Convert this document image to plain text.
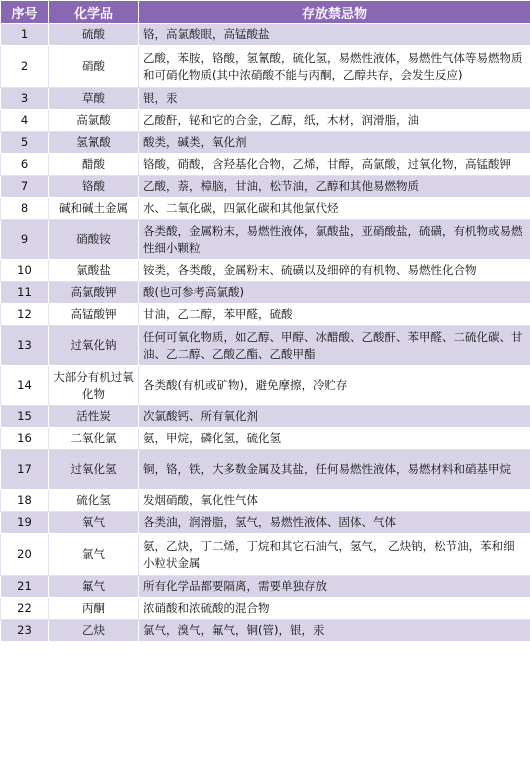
序号	化学品	存放禁忌物
1	硫酸	铬，高氯酸眼，高锰酸盐
2	硝酸	乙酸，苯胺，铬酸，氢氰酸，硫化氢，易燃性液体，易燃性气体等易燃物质和可硝化物质(其中浓硝酸不能与丙酮，乙醇共存，会发生反应)
3	草酸	银，汞
4	高氯酸	乙酸酐，铋和它的合金，乙醇，纸，木材，润滑脂，油
5	氢氰酸	酸类，碱类，氧化剂
6	醋酸	铬酸，硝酸，含羟基化合物，乙烯，甘醇，高氯酸，过氧化物，高锰酸钾
7	铬酸	乙酸，萘，樟脑，甘油，松节油，乙醇和其他易燃物质
8	碱和碱土金属	水、二氧化碳，四氯化碳和其他氯代烃
9	硝酸铵	各类酸，金属粉末，易燃性液体，氯酸盐，亚硝酸盐，硫磺，有机物或易燃性细小颗粒
10	氯酸盐	铵类，各类酸，金属粉末、硫磺以及细碎的有机物、易燃性化合物
11	高氯酸钾	酸(也可参考高氯酸)
12	高锰酸钾	甘油，乙二醇，苯甲醛，硫酸
13	过氧化钠	任何可氧化物质，如乙醇、甲醇、冰醋酸、乙酸酐、苯甲醛、二硫化碳、甘油、乙二醇、乙酸乙酯、乙酸甲酯
14	大部分有机过氧化物	各类酸(有机或矿物)，避免摩擦，冷贮存
15	活性炭	次氯酸钙、所有氧化剂
16	二氧化氯	氨，甲烷，磷化氢，硫化氢
17	过氧化氢	铜，铬，铁，大多数金属及其盐，任何易燃性液体，易燃材料和硝基甲烷
18	硫化氢	发烟硝酸，氧化性气体
19	氧气	各类油，润滑脂，氢气，易燃性液体、固体、气体
20	氯气	氨，乙炔，丁二烯，丁烷和其它石油气，氢气， 乙炔钠，松节油，苯和细小粒状金属
21	氟气	所有化学品都要隔离，需要单独存放
22	丙酮	浓硝酸和浓硫酸的混合物
23	乙炔	氯气，溴气，氟气，铜(管)，银，汞
